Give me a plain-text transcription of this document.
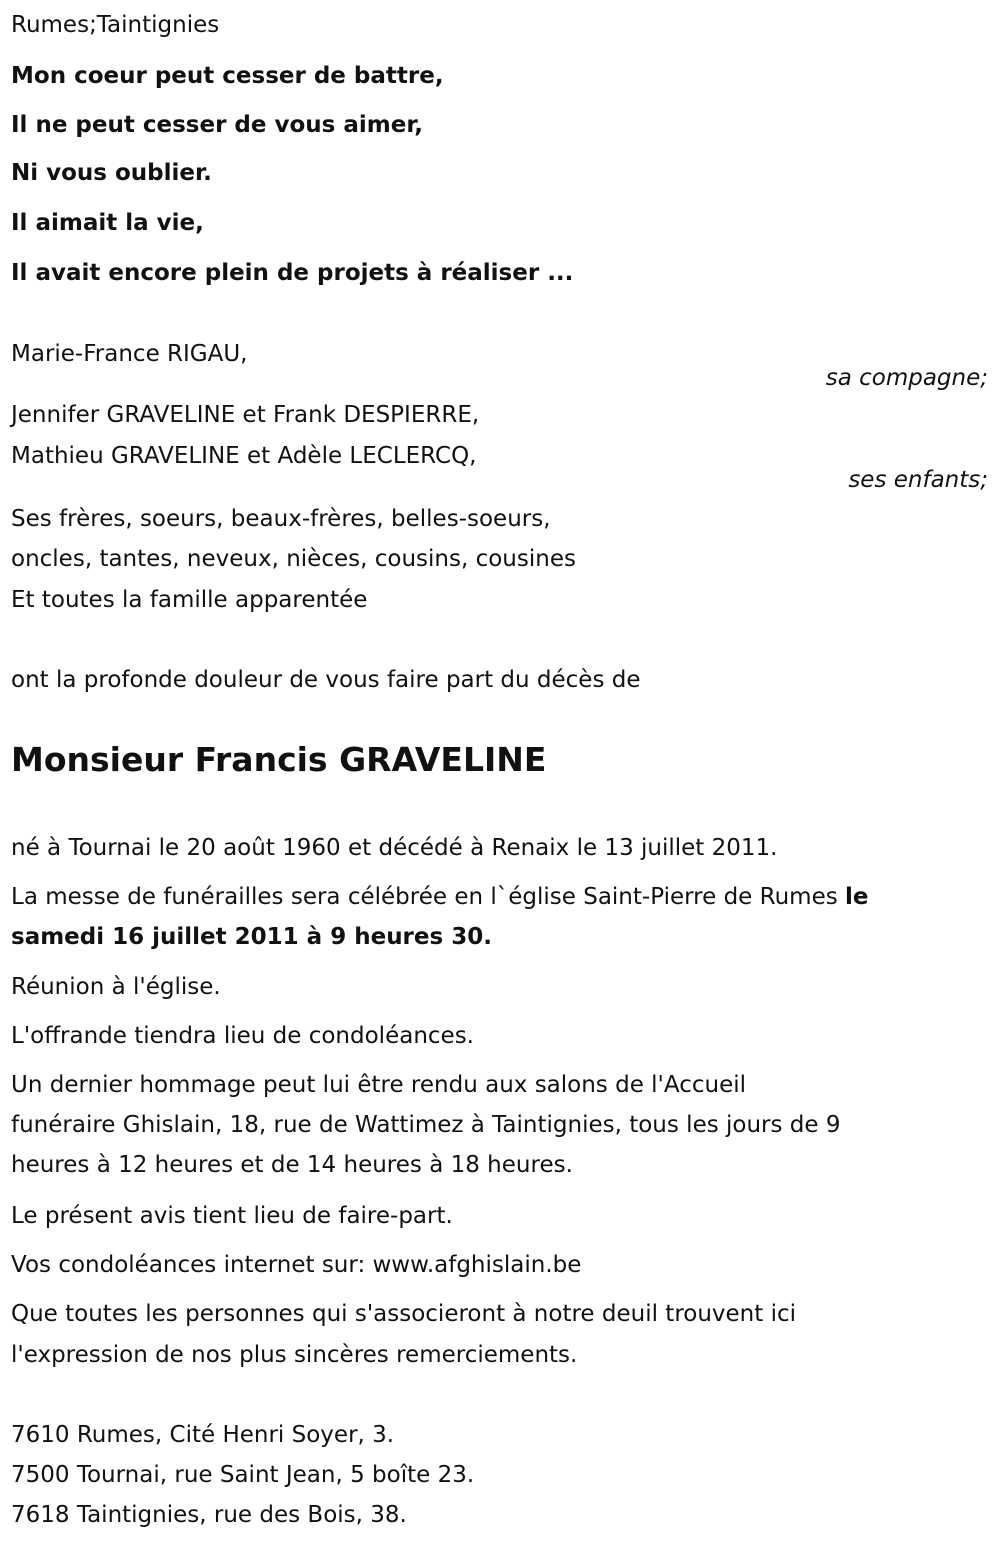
Rumes;Taintignies
Mon coeur peut cesser de battre,
Il ne peut cesser de vous aimer,
Ni vous oublier.
Il aimait la vie,
Il avait encore plein de projets à réaliser ...
Marie-France RIGAU,
sa compagne;
Jennifer GRAVELINE et Frank DESPIERRE,
Mathieu GRAVELINE et Adèle LECLERCQ,
ses enfants;
Ses frères, soeurs, beaux-frères, belles-soeurs,
oncles, tantes, neveux, nièces, cousins, cousines
Et toutes la famille apparentée
ont la profonde douleur de vous faire part du décès de
Monsieur Francis GRAVELINE
né à Tournai le 20 août 1960 et décédé à Renaix le 13 juillet 2011.
La messe de funérailles sera célébrée en l`église Saint-Pierre de Rumes le
samedi 16 juillet 2011 à 9 heures 30.
Réunion à l'église.
L'offrande tiendra lieu de condoléances.
Un dernier hommage peut lui être rendu aux salons de l'Accueil
funéraire Ghislain, 18, rue de Wattimez à Taintignies, tous les jours de 9
heures à 12 heures et de 14 heures à 18 heures.
Le présent avis tient lieu de faire-part.
Vos condoléances internet sur: www.afghislain.be
Que toutes les personnes qui s'associeront à notre deuil trouvent ici
l'expression de nos plus sincères remerciements.
7610 Rumes, Cité Henri Soyer, 3.
7500 Tournai, rue Saint Jean, 5 boîte 23.
7618 Taintignies, rue des Bois, 38.
